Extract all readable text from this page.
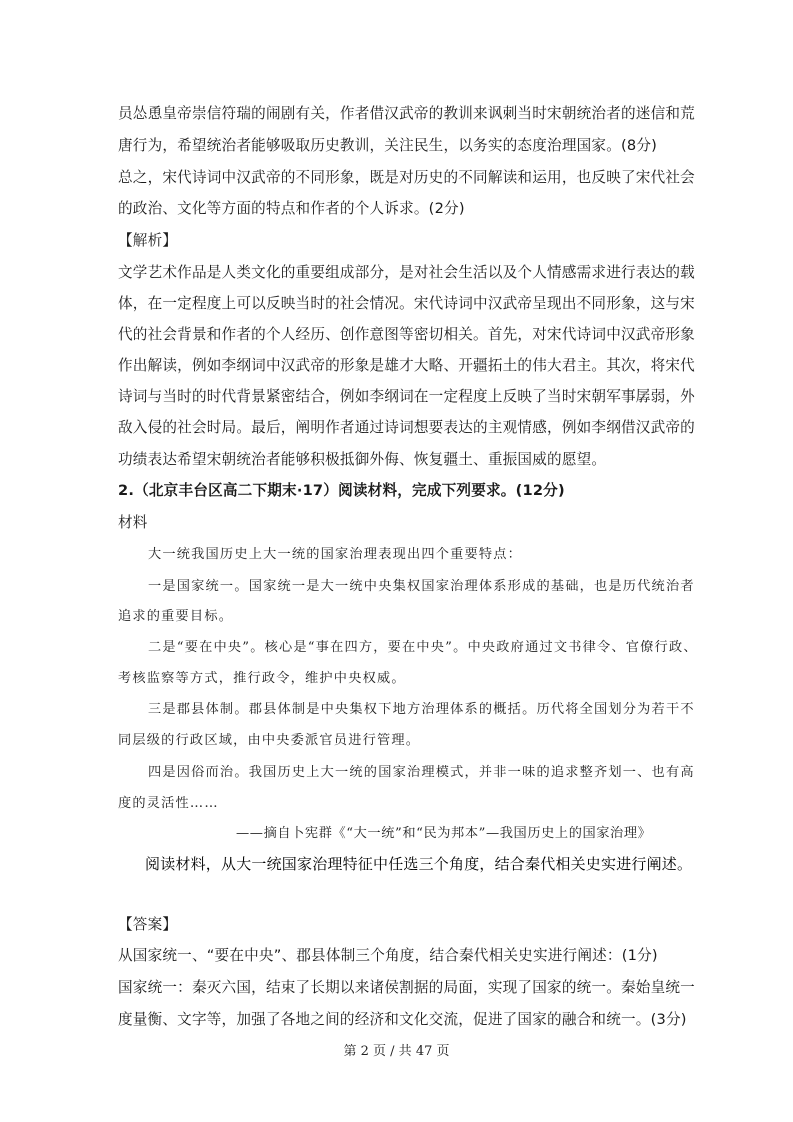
员怂恿皇帝崇信符瑞的闹剧有关，作者借汉武帝的教训来讽刺当时宋朝统治者的迷信和荒
唐行为，希望统治者能够吸取历史教训，关注民生，以务实的态度治理国家。(8分)
总之，宋代诗词中汉武帝的不同形象，既是对历史的不同解读和运用，也反映了宋代社会
的政治、文化等方面的特点和作者的个人诉求。(2分)
【解析】
文学艺术作品是人类文化的重要组成部分，是对社会生活以及个人情感需求进行表达的载
体，在一定程度上可以反映当时的社会情况。宋代诗词中汉武帝呈现出不同形象，这与宋
代的社会背景和作者的个人经历、创作意图等密切相关。首先，对宋代诗词中汉武帝形象
作出解读，例如李纲词中汉武帝的形象是雄才大略、开疆拓土的伟大君主。其次，将宋代
诗词与当时的时代背景紧密结合，例如李纲词在一定程度上反映了当时宋朝军事孱弱，外
敌入侵的社会时局。最后，阐明作者通过诗词想要表达的主观情感，例如李纲借汉武帝的
功绩表达希望宋朝统治者能够积极抵御外侮、恢复疆土、重振国威的愿望。
2.（北京丰台区高二下期末·17）阅读材料，完成下列要求。(12分)
材料
大一统我国历史上大一统的国家治理表现出四个重要特点：
一是国家统一。国家统一是大一统中央集权国家治理体系形成的基础，也是历代统治者
追求的重要目标。
二是“要在中央”。核心是“事在四方，要在中央”。中央政府通过文书律令、官僚行政、
考核监察等方式，推行政令，维护中央权威。
三是郡县体制。郡县体制是中央集权下地方治理体系的概括。历代将全国划分为若干不
同层级的行政区域，由中央委派官员进行管理。
四是因俗而治。我国历史上大一统的国家治理模式，并非一味的追求整齐划一、也有高
度的灵活性……
——摘自卜宪群《“大一统”和“民为邦本”—我国历史上的国家治理》
阅读材料，从大一统国家治理特征中任选三个角度，结合秦代相关史实进行阐述。
【答案】
从国家统一、“要在中央”、郡县体制三个角度，结合秦代相关史实进行阐述：(1分)
国家统一：秦灭六国，结束了长期以来诸侯割据的局面，实现了国家的统一。秦始皇统一
度量衡、文字等，加强了各地之间的经济和文化交流，促进了国家的融合和统一。(3分)
第 2 页 / 共 47 页
